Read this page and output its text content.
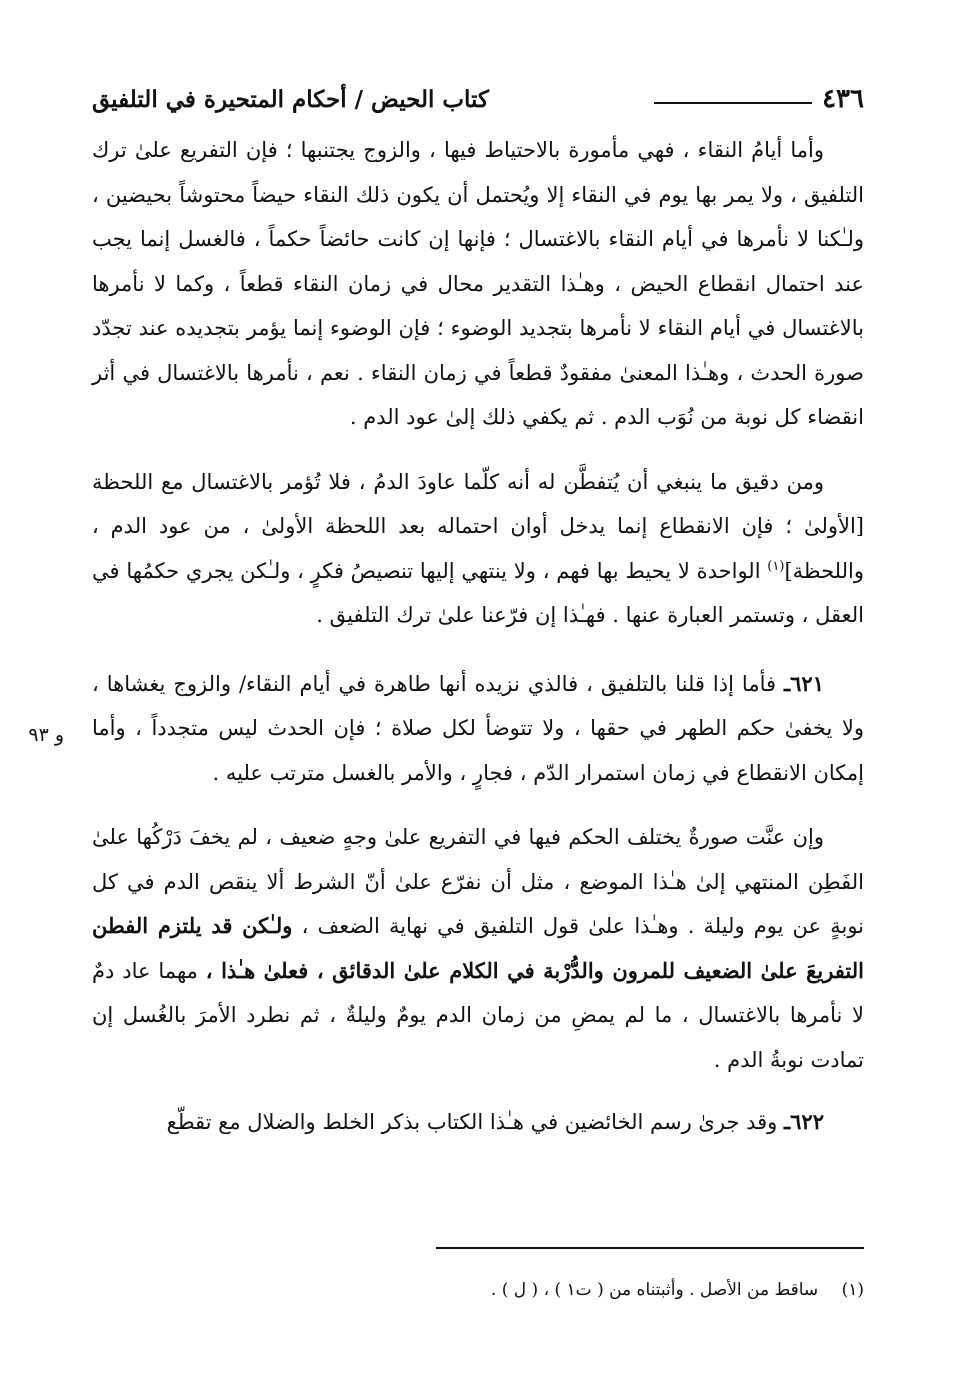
٤٣٦
كتاب الحيض / أحكام المتحيرة في التلفيق

وأما أيامُ النقاء ، فهي مأمورة بالاحتياط فيها ، والزوج يجتنبها ؛ فإن التفريع علىٰ ترك التلفيق ، ولا يمر بها يوم في النقاء إلا ويُحتمل أن يكون ذلك النقاء حيضاً محتوشاً بحيضين ، ولـٰكنا لا نأمرها في أيام النقاء بالاغتسال ؛ فإنها إن كانت حائضاً حكماً ، فالغسل إنما يجب عند احتمال انقطاع الحيض ، وهـٰذا التقدير محال في زمان النقاء قطعاً ، وكما لا نأمرها بالاغتسال في أيام النقاء لا نأمرها بتجديد الوضوء ؛ فإن الوضوء إنما يؤمر بتجديده عند تجدّد صورة الحدث ، وهـٰذا المعنىٰ مفقودٌ قطعاً في زمان النقاء . نعم ، نأمرها بالاغتسال في أثر انقضاء كل نوبة من نُوَب الدم . ثم يكفي ذلك إلىٰ عود الدم .

ومن دقيق ما ينبغي أن يُتفطَّن له أنه كلّما عاودَ الدمُ ، فلا تُؤمر بالاغتسال مع اللحظة [الأولىٰ ؛ فإن الانقطاع إنما يدخل أوان احتماله بعد اللحظة الأولىٰ ، من عود الدم ، واللحظة]$^{(١)}$ الواحدة لا يحيط بها فهم ، ولا ينتهي إليها تنصيصُ فكرٍ ، ولـٰكن يجري حكمُها في العقل ، وتستمر العبارة عنها . فهـٰذا إن فرّعنا علىٰ ترك التلفيق .

٦٢١ـ فأما إذا قلنا بالتلفيق ، فالذي نزيده أنها طاهرة في أيام النقاء/ والزوج يغشاها ، ولا يخفىٰ حكم الطهر في حقها ، ولا تتوضأ لكل صلاة ؛ فإن الحدث ليس متجدداً ، وأما إمكان الانقطاع في زمان استمرار الدّم ، فجارٍ ، والأمر بالغسل مترتب عليه .

وإن عنَّت صورةٌ يختلف الحكم فيها في التفريع علىٰ وجهٍ ضعيف ، لم يخفَ دَرْكُها علىٰ الفَطِن المنتهي إلىٰ هـٰذا الموضع ، مثل أن نفرّع علىٰ أنّ الشرط ألا ينقص الدم في كل نوبةٍ عن يوم وليلة . وهـٰذا علىٰ قول التلفيق في نهاية الضعف ، ولـٰكن قد يلتزم الفطن التفريعَ علىٰ الضعيف للمرون والدُّرْبة في الكلام علىٰ الدقائق ، فعلىٰ هـٰذا ، مهما عاد دمٌ لا نأمرها بالاغتسال ، ما لم يمضِ من زمان الدم يومٌ وليلةٌ ، ثم نطرد الأمرَ بالغُسل إن تمادت نوبةُ الدم .

٦٢٢ـ وقد جرىٰ رسم الخائضين في هـٰذا الكتاب بذكر الخلط والضلال مع تقطّع

و ٩٣
(١) ساقط من الأصل . وأثبتناه من ( ت١ ) ، ( ل ) .
